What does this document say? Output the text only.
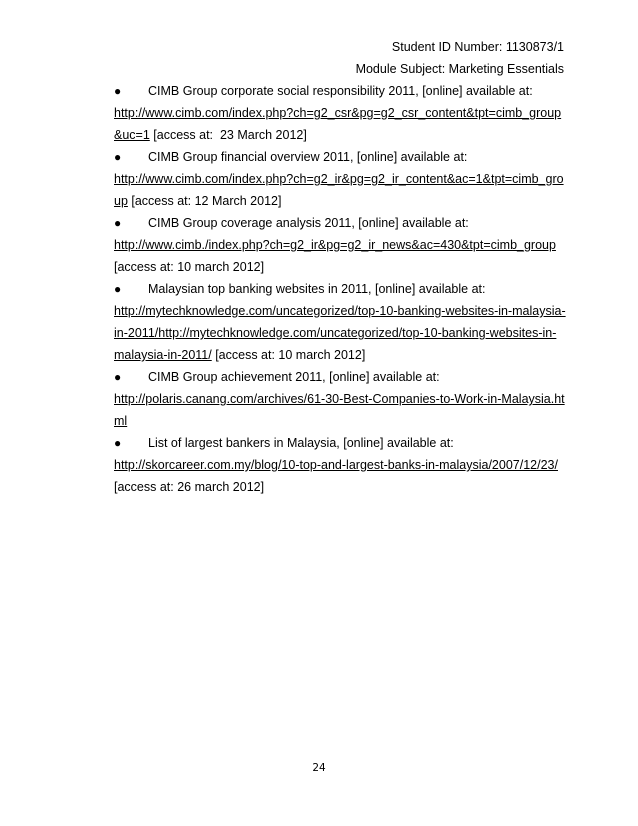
Student ID Number: 1130873/1
Module Subject: Marketing Essentials
● CIMB Group corporate social responsibility 2011, [online] available at:
http://www.cimb.com/index.php?ch=g2_csr&pg=g2_csr_content&tpt=cimb_group&uc=1 [access at:  23 March 2012]
● CIMB Group financial overview 2011, [online] available at:
http://www.cimb.com/index.php?ch=g2_ir&pg=g2_ir_content&ac=1&tpt=cimb_group [access at: 12 March 2012]
● CIMB Group coverage analysis 2011, [online] available at:
http://www.cimb./index.php?ch=g2_ir&pg=g2_ir_news&ac=430&tpt=cimb_group
[access at: 10 march 2012]
● Malaysian top banking websites in 2011, [online] available at:
http://mytechknowledge.com/uncategorized/top-10-banking-websites-in-malaysia-in-2011/http://mytechknowledge.com/uncategorized/top-10-banking-websites-in-malaysia-in-2011/ [access at: 10 march 2012]
● CIMB Group achievement 2011, [online] available at:
http://polaris.canang.com/archives/61-30-Best-Companies-to-Work-in-Malaysia.html
● List of largest bankers in Malaysia, [online] available at:
http://skorcareer.com.my/blog/10-top-and-largest-banks-in-malaysia/2007/12/23/
[access at: 26 march 2012]
24
